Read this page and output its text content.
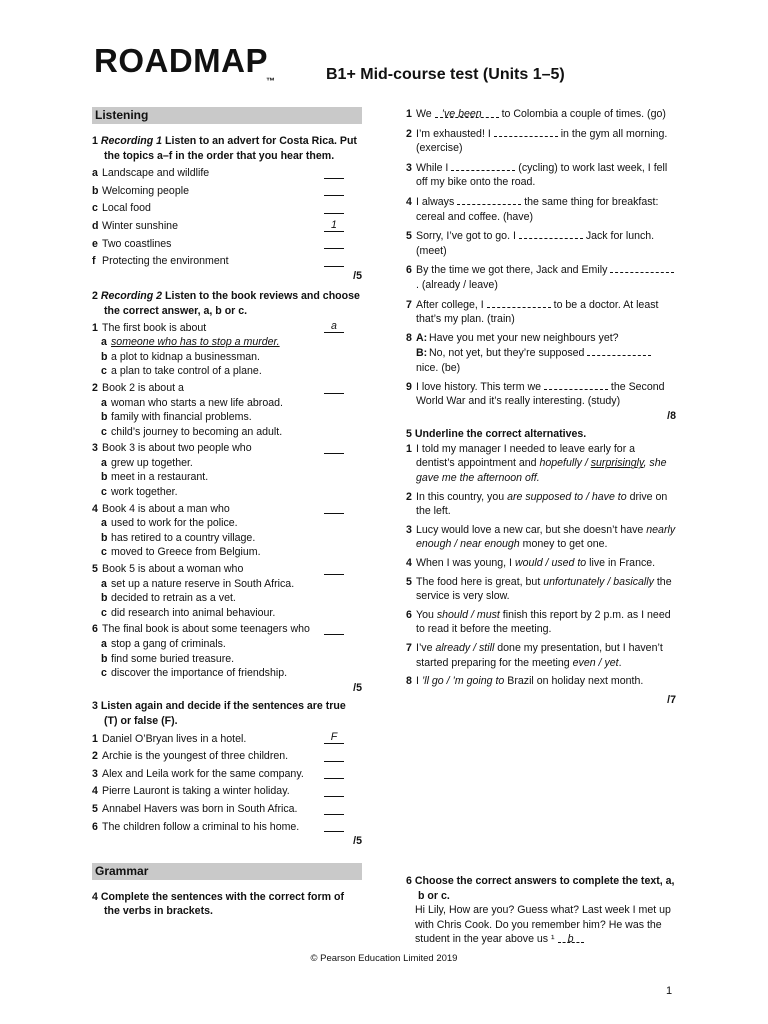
ROADMAP
™	B1+ Mid-course test (Units 1–5)
Listening
1 Recording 1 Listen to an advert for Costa Rica. Put the topics a–f in the order that you hear them.
a Landscape and wildlife
b Welcoming people
c Local food
d Winter sunshine	1
e Two coastlines
f Protecting the environment
/5
2 Recording 2 Listen to the book reviews and choose the correct answer, a, b or c.
1 The first book is about	a
a someone who has to stop a murder.
b a plot to kidnap a businessman.
c a plan to take control of a plane.
2 Book 2 is about a
a woman who starts a new life abroad.
b family with financial problems.
c child’s journey to becoming an adult.
3 Book 3 is about two people who
a grew up together.
b meet in a restaurant.
c work together.
4 Book 4 is about a man who
a used to work for the police.
b has retired to a country village.
c moved to Greece from Belgium.
5 Book 5 is about a woman who
a set up a nature reserve in South Africa.
b decided to retrain as a vet.
c did research into animal behaviour.
6 The final book is about some teenagers who
a stop a gang of criminals.
b find some buried treasure.
c discover the importance of friendship.
/5
3 Listen again and decide if the sentences are true (T) or false (F).
1 Daniel O’Bryan lives in a hotel.	F
2 Archie is the youngest of three children.
3 Alex and Leila work for the same company.
4 Pierre Lauront is taking a winter holiday.
5 Annabel Havers was born in South Africa.
6 The children follow a criminal to his home.
/5
Grammar
4 Complete the sentences with the correct form of the verbs in brackets.
1 We ’ve been to Colombia a couple of times. (go)
2 I’m exhausted! I	in the gym all morning. (exercise)
3 While I	(cycling) to work last week, I fell off my bike onto the road.
4 I always	the same thing for breakfast: cereal and coffee. (have)
5 Sorry, I’ve got to go. I	Jack for lunch. (meet)
6 By the time we got there, Jack and Emily  . (already / leave)
7 After college, I	to be a doctor. At least that’s my plan. (train)
8 A: Have you met your new neighbours yet?
B: No, not yet, but they’re supposed  nice. (be)
9 I love history. This term we	the Second World War and it’s really interesting. (study)
/8
5 Underline the correct alternatives.
1 I told my manager I needed to leave early for a dentist’s appointment and hopefully / surprisingly, she gave me the afternoon off.
2 In this country, you are supposed to / have to drive on the left.
3 Lucy would love a new car, but she doesn’t have nearly enough / near enough money to get one.
4 When I was young, I would / used to live in France.
5 The food here is great, but unfortunately / basically the service is very slow.
6 You should / must finish this report by 2 p.m. as I need to read it before the meeting.
7 I’ve already / still done my presentation, but I haven’t started preparing for the meeting even / yet.
8 I ’ll go / ’m going to Brazil on holiday next month.
/7
6 Choose the correct answers to complete the text, a, b or c.
Hi Lily, How are you? Guess what? Last week I met up with Chris Cook. Do you remember him? He was the student in the year above us ¹ b
© Pearson Education Limited 2019
1
